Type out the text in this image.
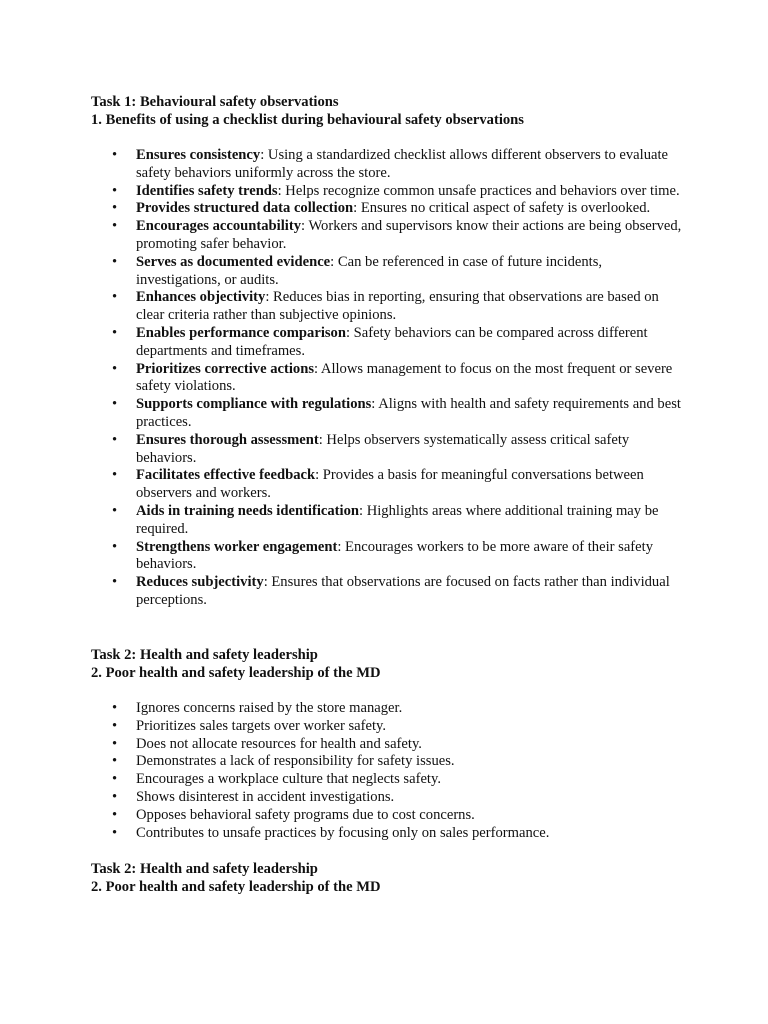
Task 1: Behavioural safety observations

1. Benefits of using a checklist during behavioural safety observations

• Ensures consistency: Using a standardized checklist allows different observers to evaluate safety behaviors uniformly across the store.
• Identifies safety trends: Helps recognize common unsafe practices and behaviors over time.
• Provides structured data collection: Ensures no critical aspect of safety is overlooked.
• Encourages accountability: Workers and supervisors know their actions are being observed, promoting safer behavior.
• Serves as documented evidence: Can be referenced in case of future incidents, investigations, or audits.
• Enhances objectivity: Reduces bias in reporting, ensuring that observations are based on clear criteria rather than subjective opinions.
• Enables performance comparison: Safety behaviors can be compared across different departments and timeframes.
• Prioritizes corrective actions: Allows management to focus on the most frequent or severe safety violations.
• Supports compliance with regulations: Aligns with health and safety requirements and best practices.
• Ensures thorough assessment: Helps observers systematically assess critical safety behaviors.
• Facilitates effective feedback: Provides a basis for meaningful conversations between observers and workers.
• Aids in training needs identification: Highlights areas where additional training may be required.
• Strengthens worker engagement: Encourages workers to be more aware of their safety behaviors.
• Reduces subjectivity: Ensures that observations are focused on facts rather than individual perceptions.

Task 2: Health and safety leadership

2. Poor health and safety leadership of the MD

• Ignores concerns raised by the store manager.
• Prioritizes sales targets over worker safety.
• Does not allocate resources for health and safety.
• Demonstrates a lack of responsibility for safety issues.
• Encourages a workplace culture that neglects safety.
• Shows disinterest in accident investigations.
• Opposes behavioral safety programs due to cost concerns.
• Contributes to unsafe practices by focusing only on sales performance.

Task 2: Health and safety leadership

2. Poor health and safety leadership of the MD
